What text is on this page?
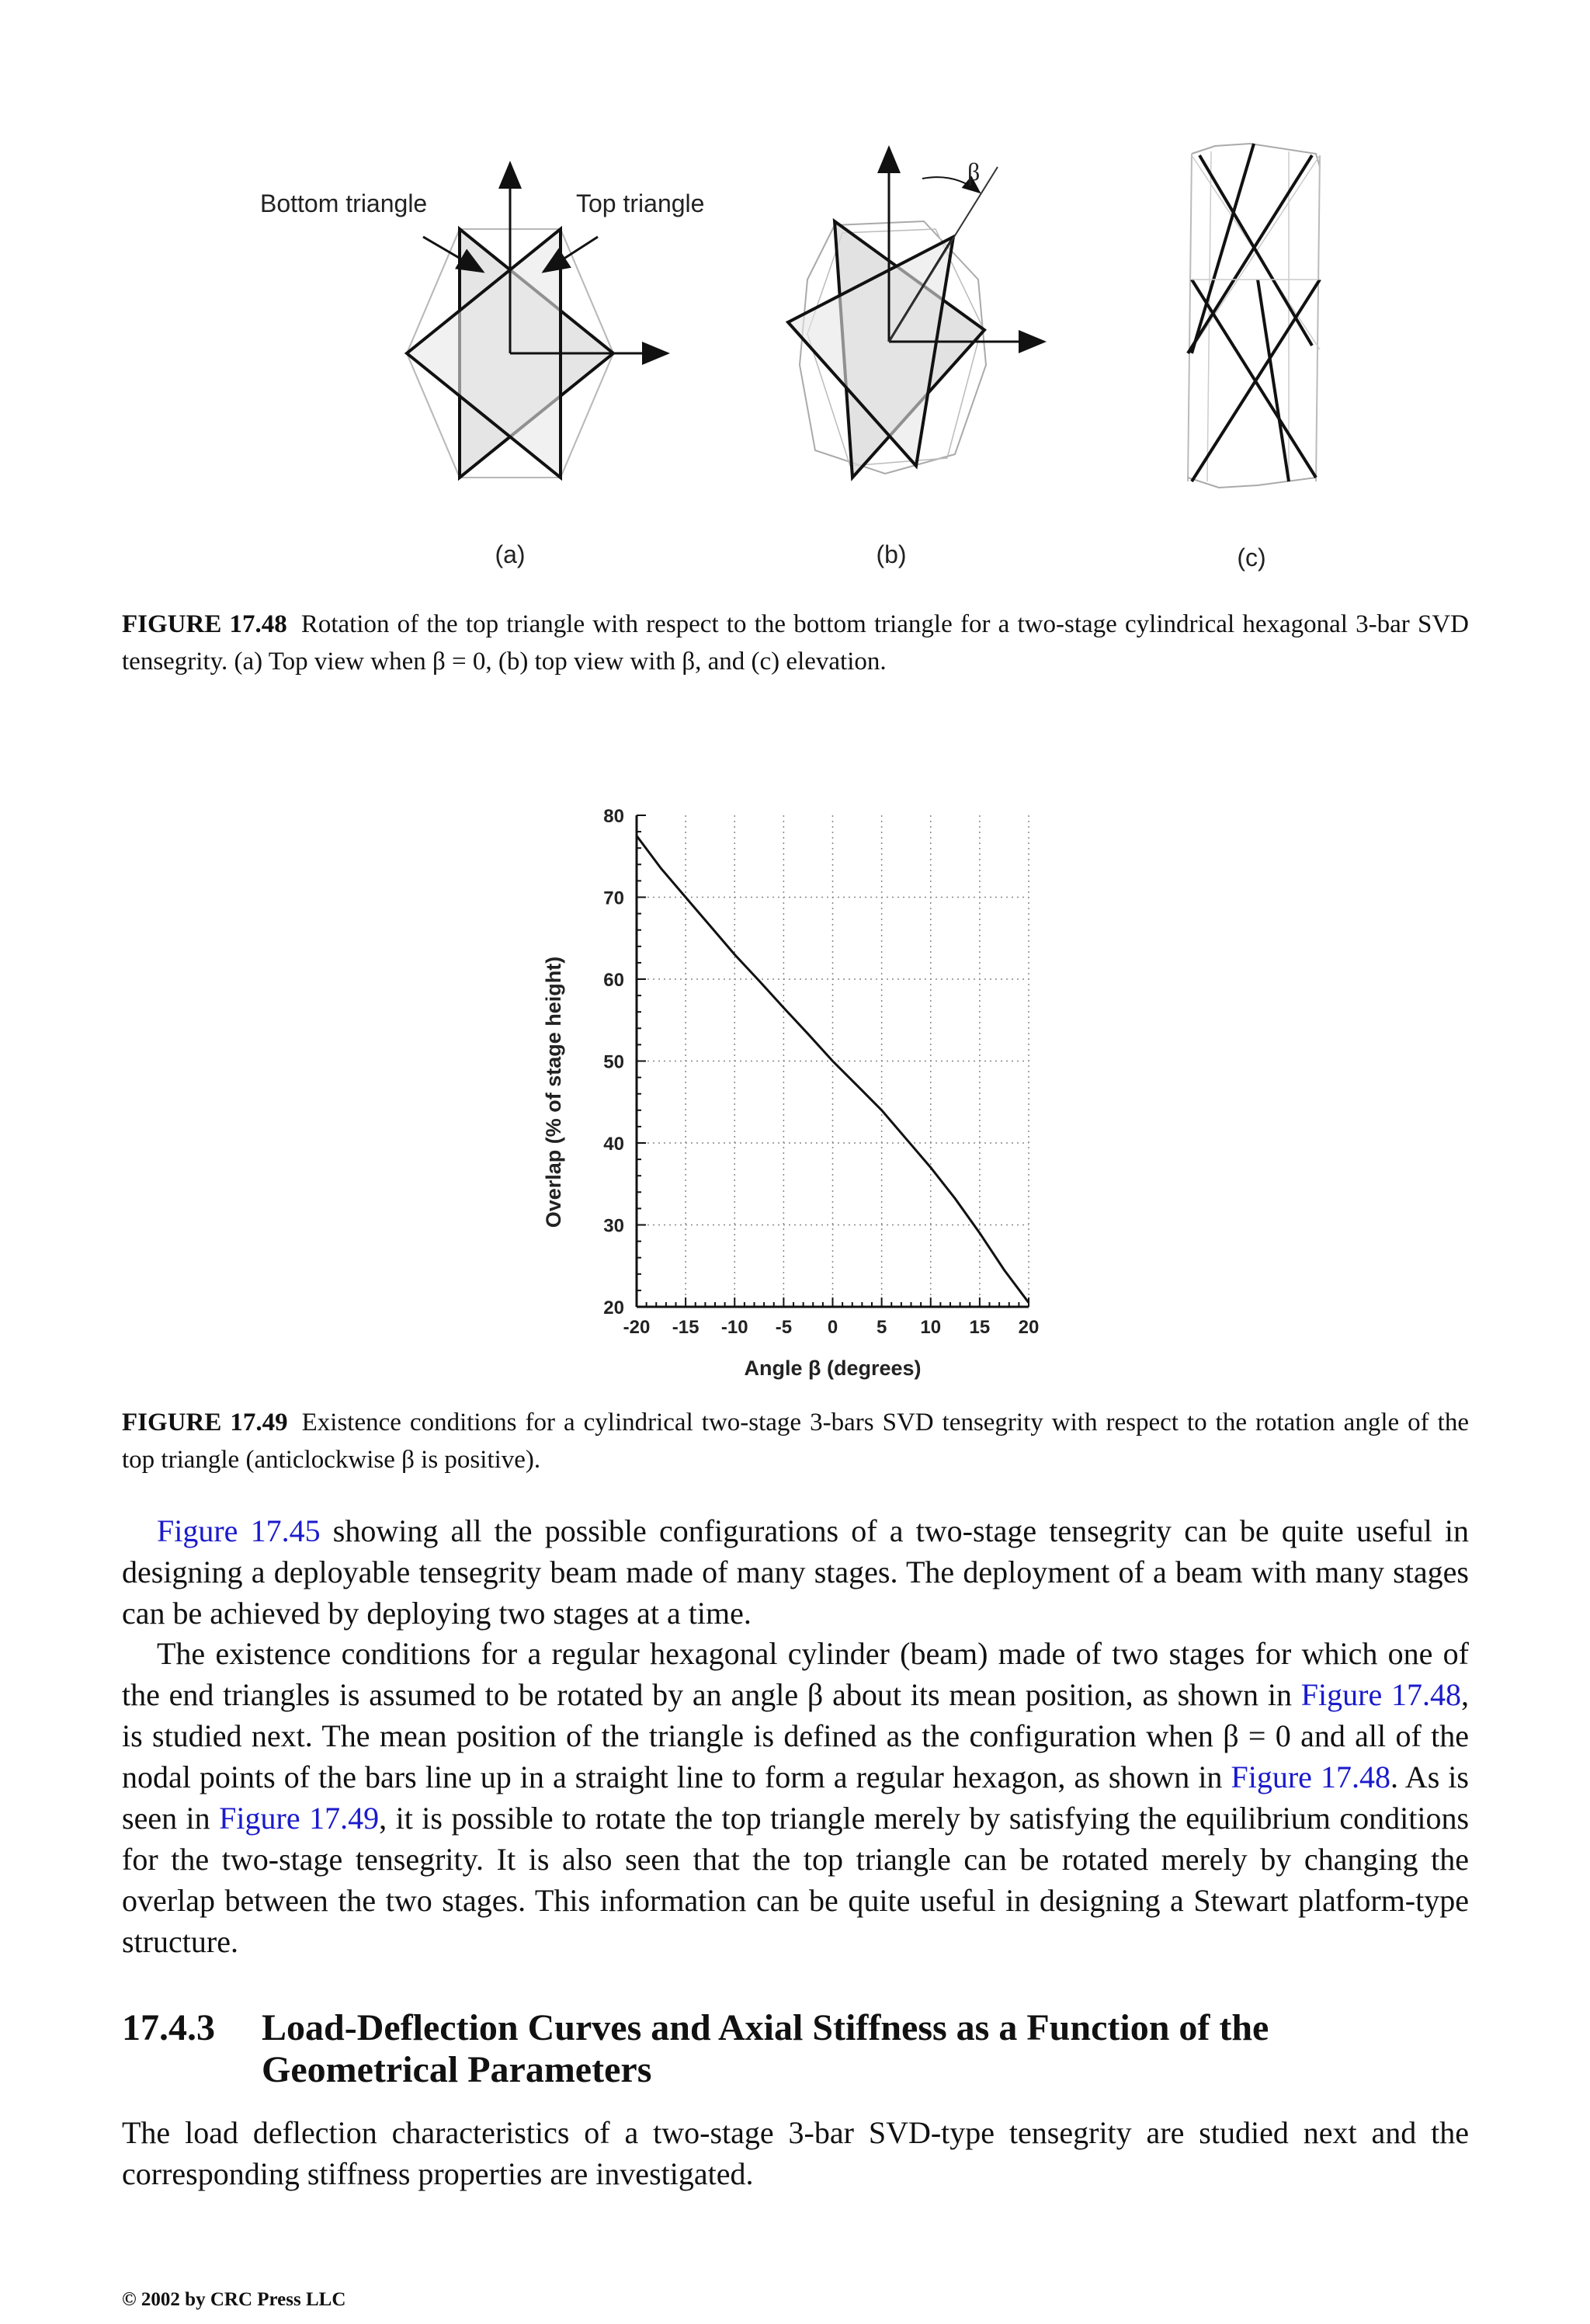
Bottom triangle	Top triangle
β
(a)	(b)	(c)
FIGURE 17.48 Rotation of the top triangle with respect to the bottom triangle for a two-stage cylindrical hexagonal 3-bar SVD tensegrity. (a) Top view when β = 0, (b) top view with β, and (c) elevation.
-20 -15 -10 -5 0 5 10 15 20
20
30
40
50
60
70
80
Angle β (degrees)
Overlap (% of stage height)
FIGURE 17.49 Existence conditions for a cylindrical two-stage 3-bars SVD tensegrity with respect to the rotation angle of the top triangle (anticlockwise β is positive).

Figure 17.45 showing all the possible configurations of a two-stage tensegrity can be quite useful in designing a deployable tensegrity beam made of many stages. The deployment of a beam with many stages can be achieved by deploying two stages at a time.

The existence conditions for a regular hexagonal cylinder (beam) made of two stages for which one of the end triangles is assumed to be rotated by an angle β about its mean position, as shown in Figure 17.48, is studied next. The mean position of the triangle is defined as the configuration when β = 0 and all of the nodal points of the bars line up in a straight line to form a regular hexagon, as shown in Figure 17.48. As is seen in Figure 17.49, it is possible to rotate the top triangle merely by satisfying the equilibrium conditions for the two-stage tensegrity. It is also seen that the top triangle can be rotated merely by changing the overlap between the two stages. This information can be quite useful in designing a Stewart platform-type structure.

17.4.3 Load-Deflection Curves and Axial Stiffness as a Function of the
Geometrical Parameters

The load deflection characteristics of a two-stage 3-bar SVD-type tensegrity are studied next and the corresponding stiffness properties are investigated.

© 2002 by CRC Press LLC
